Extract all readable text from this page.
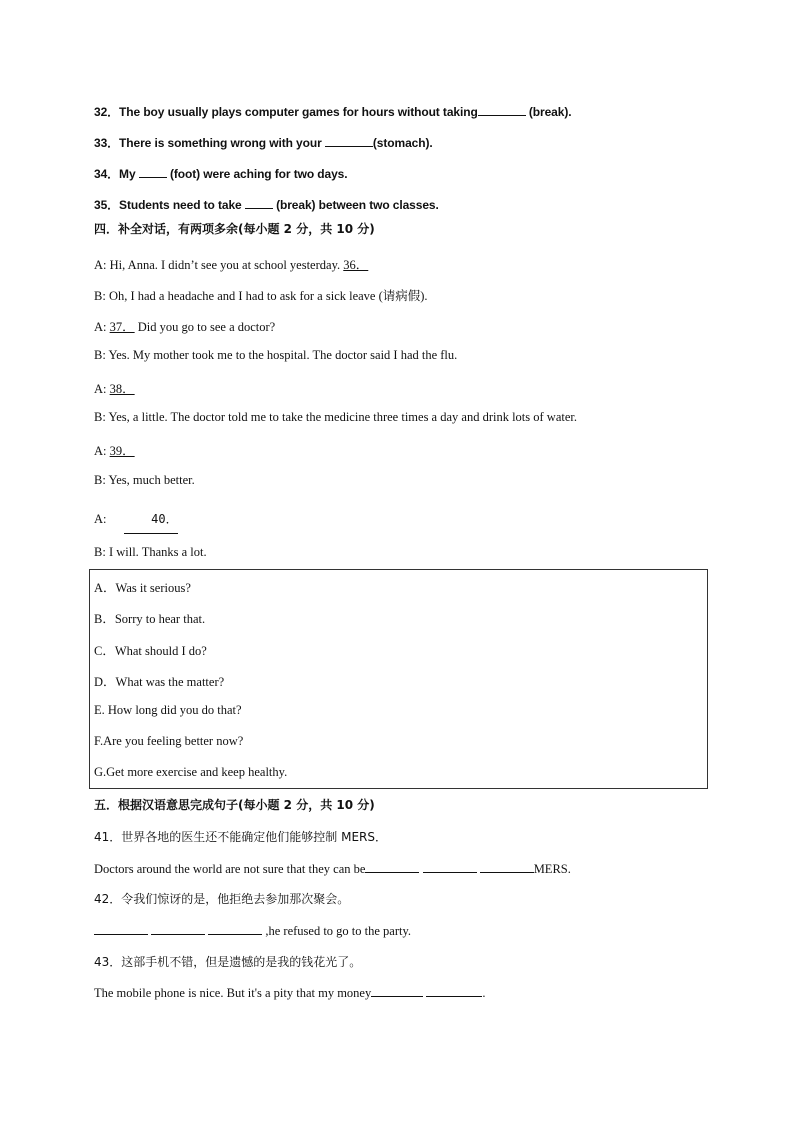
32．The boy usually plays computer games for hours without taking	(break).
33．There is something wrong with your	(stomach).
34．My  (foot) were aching for two days.
35．Students need to take  (break) between two classes.
四．补全对话，有两项多余(每小题 2 分，共 10 分)
A: Hi, Anna. I didn’t see you at school yesterday. 36．
B: Oh, I had a headache and I had to ask for a sick leave (请病假).
A: 37． Did you go to see a doctor?
B: Yes. My mother took me to the hospital. The doctor said I had the flu.
A: 38．
B: Yes, a little. The doctor told me to take the medicine three times a day and drink lots of water.
A: 39．
B: Yes, much better.
A:	40．
B: I will. Thanks a lot.
A．Was it serious?
B．Sorry to hear that.
C．What should I do?
D．What was the matter?
E. How long did you do that?
F.Are you feeling better now?
G.Get more exercise and keep healthy.
五．根据汉语意思完成句子(每小题 2 分，共 10 分)
41．世界各地的医生还不能确定他们能够控制 MERS．
Doctors around the world are not sure that they can be	MERS.
42．令我们惊讶的是，他拒绝去参加那次聚会。
,he refused to go to the party.
43．这部手机不错，但是遗憾的是我的钱花光了。
The mobile phone is nice. But it's a pity that my money	.
